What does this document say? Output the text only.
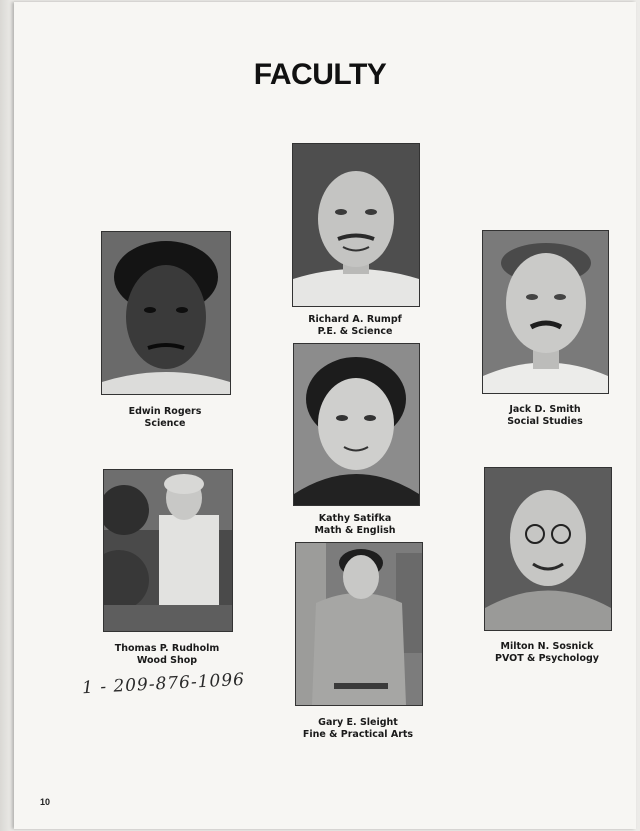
FACULTY
Richard A. Rumpf
P.E. & Science
Edwin Rogers
Science
Jack D. Smith
Social Studies
Kathy Satifka
Math & English
Thomas P. Rudholm
Wood Shop
Milton N. Sosnick
PVOT & Psychology
Gary E. Sleight
Fine & Practical Arts
1 - 209-876-1096
10
